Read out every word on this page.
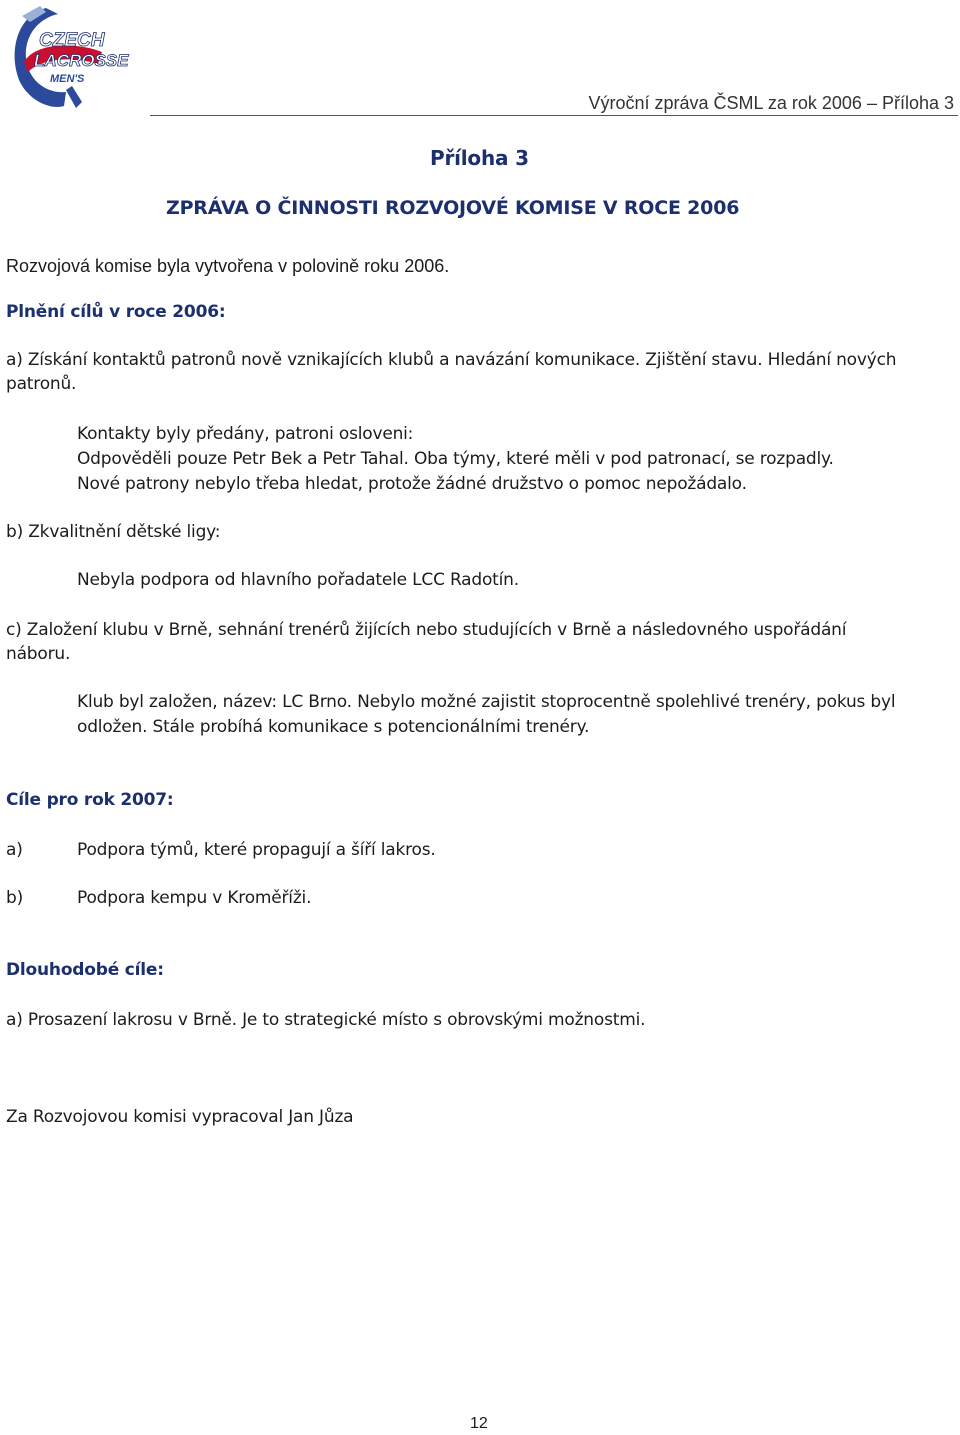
CZECH
LACROSSE
MEN'S
Výroční zpráva ČSML za rok 2006 – Příloha 3
Příloha 3
ZPRÁVA O ČINNOSTI ROZVOJOVÉ KOMISE V ROCE 2006
Rozvojová komise byla vytvořena v polovině roku 2006.
Plnění cílů v roce 2006:
a) Získání kontaktů patronů nově vznikajících klubů a navázání komunikace. Zjištění stavu. Hledání nových
patronů.
Kontakty byly předány, patroni osloveni:
Odpověděli pouze Petr Bek a Petr Tahal. Oba týmy, které měli v pod patronací, se rozpadly.
Nové patrony nebylo třeba hledat, protože žádné družstvo o pomoc nepožádalo.
b) Zkvalitnění dětské ligy:
Nebyla podpora od hlavního pořadatele LCC Radotín.
c) Založení klubu v Brně, sehnání trenérů žijících nebo studujících v Brně a následovného uspořádání
náboru.
Klub byl založen, název: LC Brno. Nebylo možné zajistit stoprocentně spolehlivé trenéry, pokus byl
odložen. Stále probíhá komunikace s potencionálními trenéry.
Cíle pro rok 2007:
a)	Podpora týmů, které propagují a šíří lakros.
b)	Podpora kempu v Kroměříži.
Dlouhodobé cíle:
a) Prosazení lakrosu v Brně. Je to strategické místo s obrovskými možnostmi.
Za Rozvojovou komisi vypracoval Jan Jůza
12
